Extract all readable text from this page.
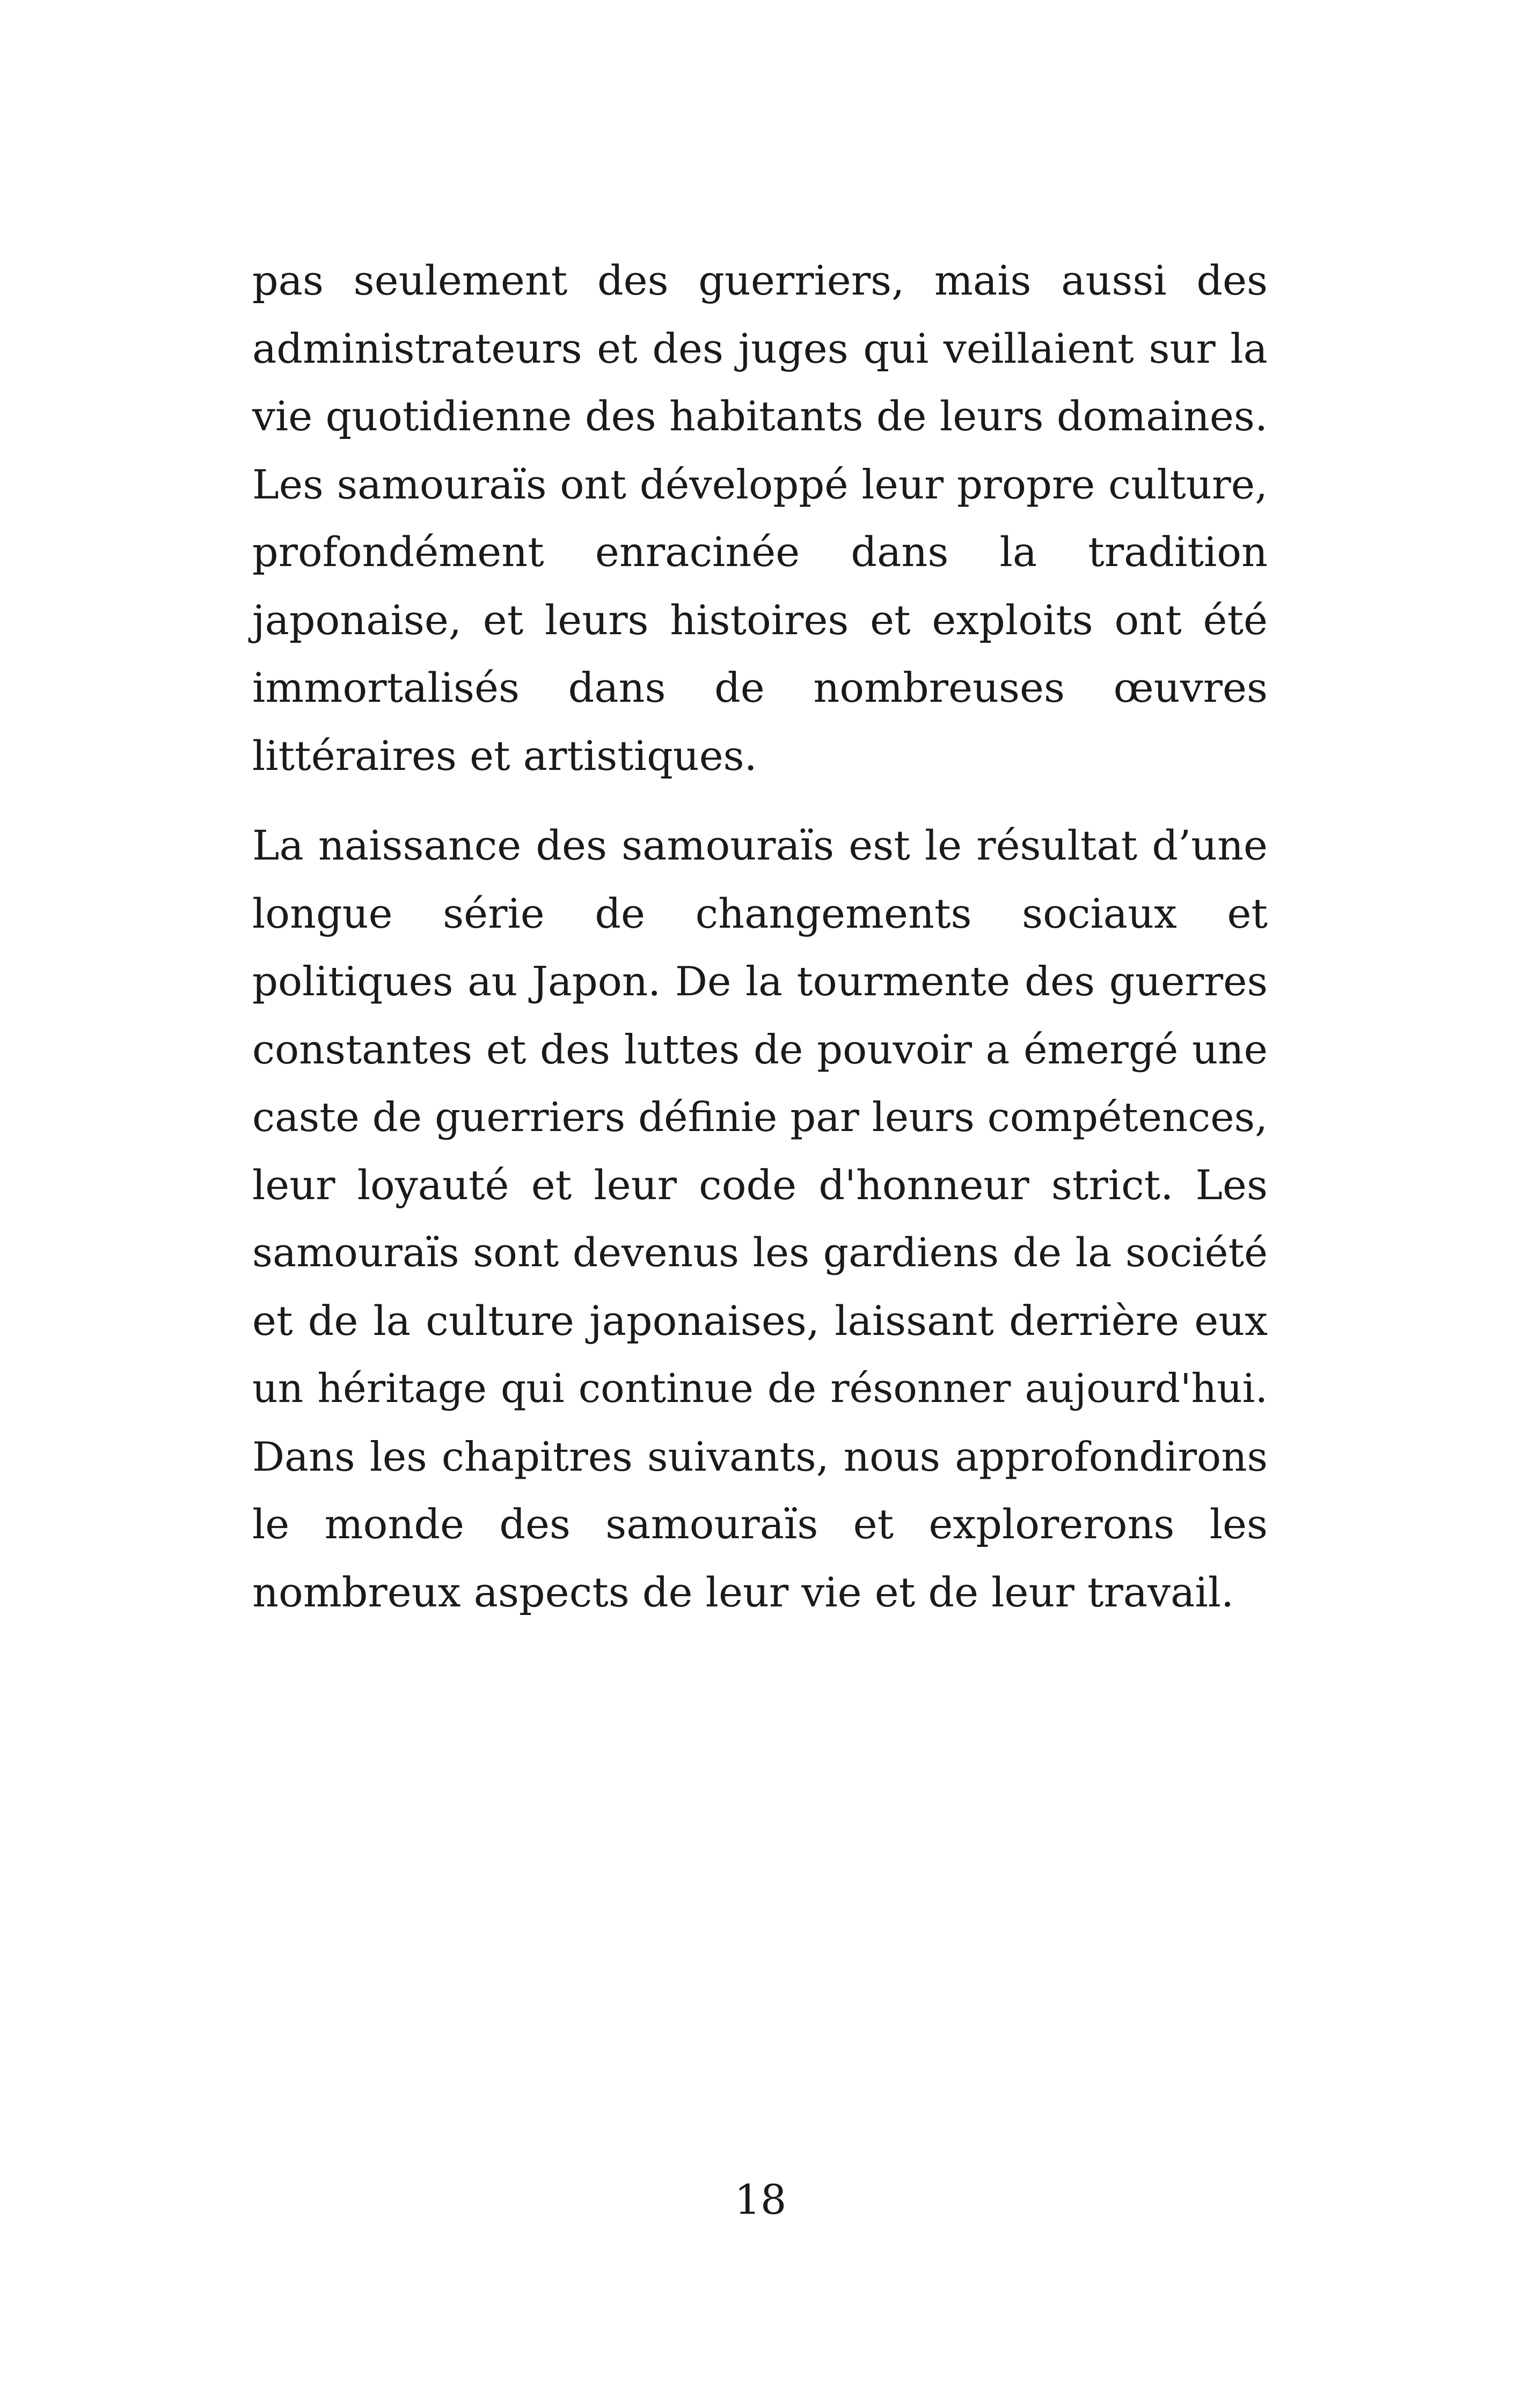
pas seulement des guerriers, mais aussi des
administrateurs et des juges qui veillaient sur la
vie quotidienne des habitants de leurs domaines.
Les samouraïs ont développé leur propre culture,
profondément enracinée dans la tradition
japonaise, et leurs histoires et exploits ont été
immortalisés dans de nombreuses œuvres
littéraires et artistiques.
La naissance des samouraïs est le résultat d’une
longue série de changements sociaux et
politiques au Japon. De la tourmente des guerres
constantes et des luttes de pouvoir a émergé une
caste de guerriers définie par leurs compétences,
leur loyauté et leur code d'honneur strict. Les
samouraïs sont devenus les gardiens de la société
et de la culture japonaises, laissant derrière eux
un héritage qui continue de résonner aujourd'hui.
Dans les chapitres suivants, nous approfondirons
le monde des samouraïs et explorerons les
nombreux aspects de leur vie et de leur travail.
18
